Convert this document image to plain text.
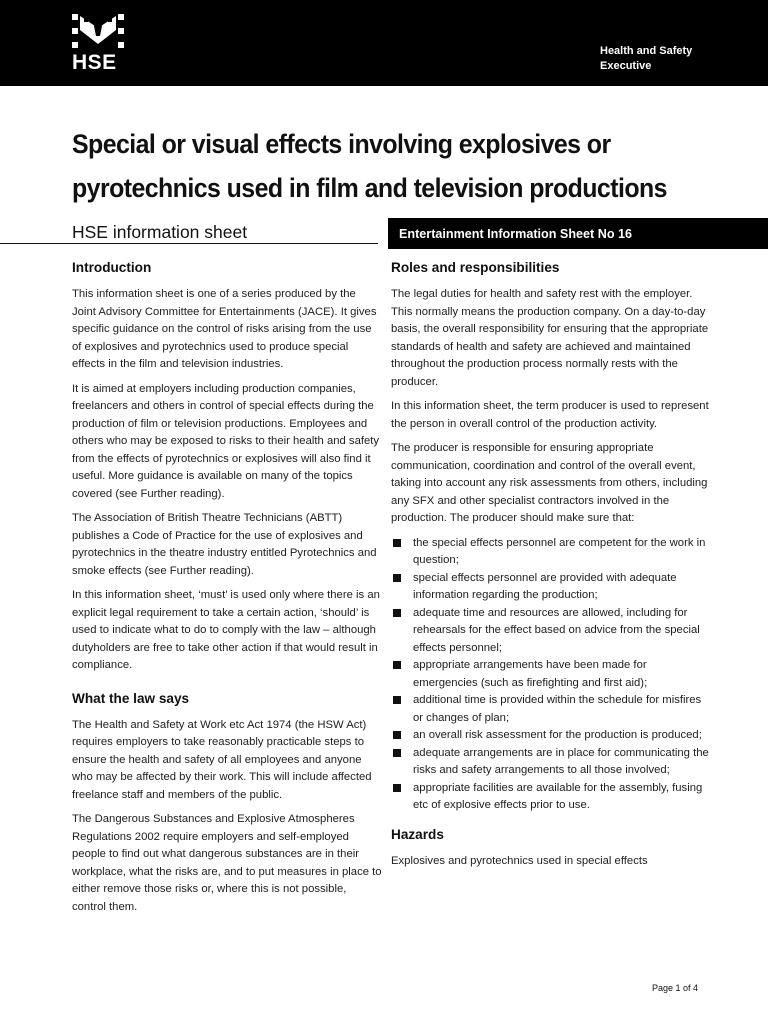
HSE	Health and Safety
Executive
Special or visual effects involving explosives or
pyrotechnics used in film and television productions
HSE information sheet	Entertainment Information Sheet No 16
Introduction

This information sheet is one of a series produced by the Joint Advisory Committee for Entertainments (JACE). It gives specific guidance on the control of risks arising from the use of explosives and pyrotechnics used to produce special effects in the film and television industries.

It is aimed at employers including production companies, freelancers and others in control of special effects during the production of film or television productions. Employees and others who may be exposed to risks to their health and safety from the effects of pyrotechnics or explosives will also find it useful. More guidance is available on many of the topics covered (see Further reading).

The Association of British Theatre Technicians (ABTT) publishes a Code of Practice for the use of explosives and pyrotechnics in the theatre industry entitled Pyrotechnics and smoke effects (see Further reading).

In this information sheet, ‘must’ is used only where there is an explicit legal requirement to take a certain action, ‘should’ is used to indicate what to do to comply with the law – although dutyholders are free to take other action if that would result in compliance.

What the law says

The Health and Safety at Work etc Act 1974 (the HSW Act) requires employers to take reasonably practicable steps to ensure the health and safety of all employees and anyone who may be affected by their work. This will include affected freelance staff and members of the public.

The Dangerous Substances and Explosive Atmospheres Regulations 2002 require employers and self-employed people to find out what dangerous substances are in their workplace, what the risks are, and to put measures in place to either remove those risks or, where this is not possible, control them.

Roles and responsibilities

The legal duties for health and safety rest with the employer. This normally means the production company. On a day-to-day basis, the overall responsibility for ensuring that the appropriate standards of health and safety are achieved and maintained throughout the production process normally rests with the producer.

In this information sheet, the term producer is used to represent the person in overall control of the production activity.

The producer is responsible for ensuring appropriate communication, coordination and control of the overall event, taking into account any risk assessments from others, including any SFX and other specialist contractors involved in the production. The producer should make sure that:

the special effects personnel are competent for the work in question;
special effects personnel are provided with adequate information regarding the production;
adequate time and resources are allowed, including for rehearsals for the effect based on advice from the special effects personnel;
appropriate arrangements have been made for emergencies (such as firefighting and first aid);
additional time is provided within the schedule for misfires or changes of plan;
an overall risk assessment for the production is produced;
adequate arrangements are in place for communicating the risks and safety arrangements to all those involved;
appropriate facilities are available for the assembly, fusing etc of explosive effects prior to use.
Hazards

Explosives and pyrotechnics used in special effects

Page 1 of 4
